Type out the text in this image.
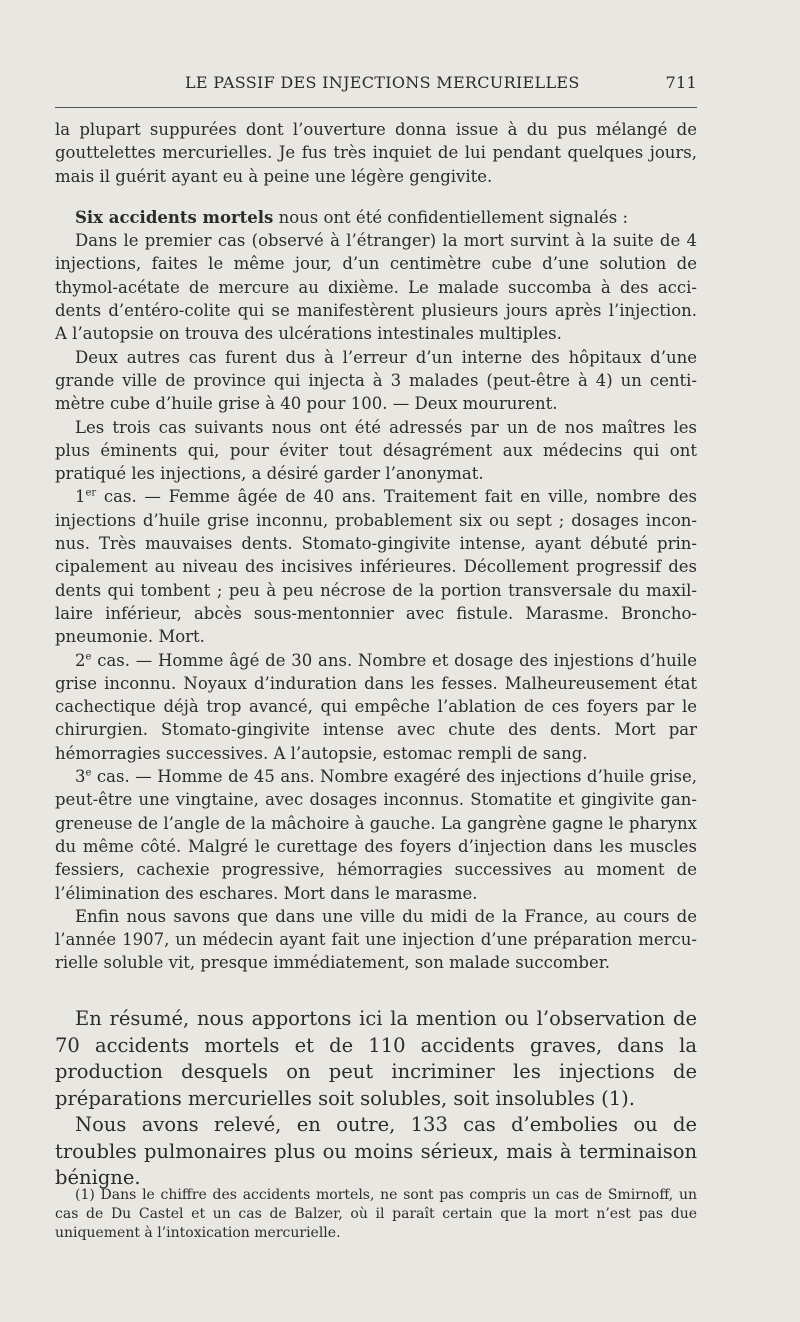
LE PASSIF DES INJECTIONS MERCURIELLES	711

la plupart suppurées dont l’ouverture donna issue à du pus mélangé de gouttelettes mercurielles. Je fus très inquiet de lui pendant quelques jours, mais il guérit ayant eu à peine une légère gengivite.

Six accidents mortels nous ont été confidentiellement signalés :

Dans le premier cas (observé à l’étranger) la mort survint à la suite de 4 injections, faites le même jour, d’un centimètre cube d’une solution de thymol-acétate de mercure au dixième. Le malade succomba à des accidents d’entéro-colite qui se manifestèrent plusieurs jours après l’injection. A l’autopsie on trouva des ulcérations intestinales multiples.

Deux autres cas furent dus à l’erreur d’un interne des hôpitaux d’une grande ville de province qui injecta à 3 malades (peut-être à 4) un centimètre cube d’huile grise à 40 pour 100. — Deux moururent.

Les trois cas suivants nous ont été adressés par un de nos maîtres les plus éminents qui, pour éviter tout désagrément aux médecins qui ont pratiqué les injections, a désiré garder l’anonymat.

1er cas. — Femme âgée de 40 ans. Traitement fait en ville, nombre des injections d’huile grise inconnu, probablement six ou sept ; dosages inconnus. Très mauvaises dents. Stomato-gingivite intense, ayant débuté principalement au niveau des incisives inférieures. Décollement progressif des dents qui tombent ; peu à peu nécrose de la portion transversale du maxillaire inférieur, abcès sous-mentonnier avec fistule. Marasme. Broncho-pneumonie. Mort.

2e cas. — Homme âgé de 30 ans. Nombre et dosage des injestions d’huile grise inconnu. Noyaux d’induration dans les fesses. Malheureusement état cachectique déjà trop avancé, qui empêche l’ablation de ces foyers par le chirurgien. Stomato-gingivite intense avec chute des dents. Mort par hémorragies successives. A l’autopsie, estomac rempli de sang.

3e cas. — Homme de 45 ans. Nombre exagéré des injections d’huile grise, peut-être une vingtaine, avec dosages inconnus. Stomatite et gingivite gangreneuse de l’angle de la mâchoire à gauche. La gangrène gagne le pharynx du même côté. Malgré le curettage des foyers d’injection dans les muscles fessiers, cachexie progressive, hémorragies successives au moment de l’élimination des eschares. Mort dans le marasme.

Enfin nous savons que dans une ville du midi de la France, au cours de l’année 1907, un médecin ayant fait une injection d’une préparation mercurielle soluble vit, presque immédiatement, son malade succomber.

En résumé, nous apportons ici la mention ou l’observation de 70 accidents mortels et de 110 accidents graves, dans la production desquels on peut incriminer les injections de préparations mercurielles soit solubles, soit insolubles (1).

Nous avons relevé, en outre, 133 cas d’embolies ou de troubles pulmonaires plus ou moins sérieux, mais à terminaison bénigne.

(1) Dans le chiffre des accidents mortels, ne sont pas compris un cas de Smirnoff, un cas de Du Castel et un cas de Balzer, où il paraît certain que la mort n’est pas due uniquement à l’intoxication mercurielle.
